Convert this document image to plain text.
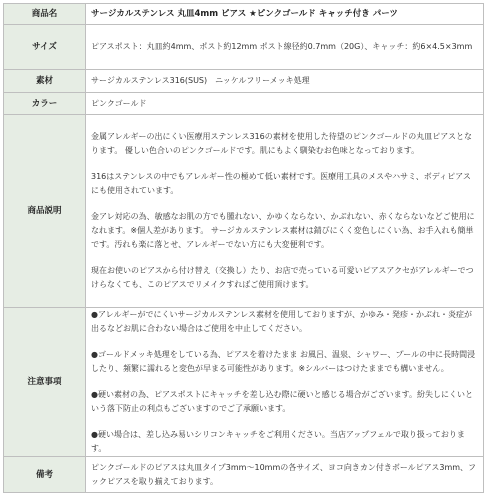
商品名	サージカルステンレス 丸皿4mm ピアス ★ピンクゴールド キャッチ付き パーツ
サイズ	ピアスポスト：丸皿約4mm、ポスト約12mm ポスト線径約0.7mm（20G）、キャッチ：約6×4.5×3mm
素材	サージカルステンレス316(SUS)　ニッケルフリーメッキ処理
カラー	ピンクゴールド
商品説明	金属アレルギーの出にくい医療用ステンレス316の素材を使用した待望のピンクゴールドの丸皿ピアスとなります。 優しい色合いのピンクゴールドです。肌にもよく馴染むお色味となっております。

316はステンレスの中でもアレルギー性の極めて低い素材です。医療用工具のメスやハサミ、ボディピアスにも使用されています。

金アレ対応の為、敏感なお肌の方でも腫れない、かゆくならない、かぶれない、赤くならないなどご使用になれます。※個人差があります。 サージカルステンレス素材は錆びにくく変色しにくい為、お手入れも簡単です。汚れも楽に落とせ、アレルギーでない方にも大変便利です。

現在お使いのピアスから付け替え（交換し）たり、お店で売っている可愛いピアスアクセがアレルギーでつけらなくても、このピアスでリメイクすればご使用頂けます。

注意事項	●アレルギーがでにくいサージカルステンレス素材を使用しておりますが、かゆみ・発疹・かぶれ・炎症が出るなどお肌に合わない場合はご使用を中止してください。

●ゴールドメッキ処理をしている為、ピアスを着けたまま お風呂、温泉、シャワー、プールの中に長時間浸したり、頻繁に濡れると変色が早まる可能性があります。※シルバーはつけたままでも構いません。

●硬い素材の為、ピアスポストにキャッチを差し込む際に硬いと感じる場合がございます。紛失しにくいという落下防止の利点もございますのでご了承願います。

●硬い場合は、差し込み易いシリコンキャッチをご利用ください。当店アップフェルで取り扱っております。

備考	ピンクゴールドのピアスは丸皿タイプ3mm〜10mmの各サイズ、ヨコ向きカン付きボールピアス3mm、フックピアスを取り揃えております。
